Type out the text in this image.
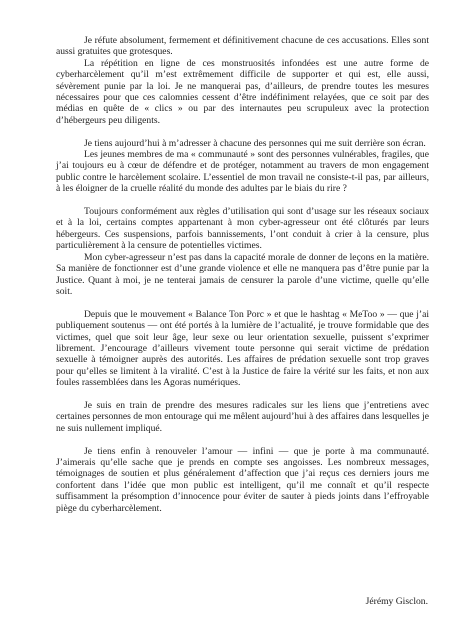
Je réfute absolument, fermement et définitivement chacune de ces accusations. Elles sont aussi gratuites que grotesques.

La répétition en ligne de ces monstruosités infondées est une autre forme de cyberharcèlement qu’il m’est extrêmement difficile de supporter et qui est, elle aussi, sévèrement punie par la loi. Je ne manquerai pas, d’ailleurs, de prendre toutes les mesures nécessaires pour que ces calomnies cessent d’être indéfiniment relayées, que ce soit par des médias en quête de « clics » ou par des internautes peu scrupuleux avec la protection d’hébergeurs peu diligents.

Je tiens aujourd’hui à m’adresser à chacune des personnes qui me suit derrière son écran.

Les jeunes membres de ma « communauté » sont des personnes vulnérables, fragiles, que j’ai toujours eu à cœur de défendre et de protéger, notamment au travers de mon engagement public contre le harcèlement scolaire. L’essentiel de mon travail ne consiste-t-il pas, par ailleurs, à les éloigner de la cruelle réalité du monde des adultes par le biais du rire ?

Toujours conformément aux règles d’utilisation qui sont d’usage sur les réseaux sociaux et à la loi, certains comptes appartenant à mon cyber-agresseur ont été clôturés par leurs hébergeurs. Ces suspensions, parfois bannissements, l’ont conduit à crier à la censure, plus particulièrement à la censure de potentielles victimes.

Mon cyber-agresseur n’est pas dans la capacité morale de donner de leçons en la matière. Sa manière de fonctionner est d’une grande violence et elle ne manquera pas d’être punie par la Justice. Quant à moi, je ne tenterai jamais de censurer la parole d’une victime, quelle qu’elle soit.

Depuis que le mouvement « Balance Ton Porc » et que le hashtag « MeToo » — que j’ai publiquement soutenus — ont été portés à la lumière de l’actualité, je trouve formidable que des victimes, quel que soit leur âge, leur sexe ou leur orientation sexuelle, puissent s’exprimer librement. J’encourage d’ailleurs vivement toute personne qui serait victime de prédation sexuelle à témoigner auprès des autorités. Les affaires de prédation sexuelle sont trop graves pour qu’elles se limitent à la viralité. C’est à la Justice de faire la vérité sur les faits, et non aux foules rassemblées dans les Agoras numériques.

Je suis en train de prendre des mesures radicales sur les liens que j’entretiens avec certaines personnes de mon entourage qui me mêlent aujourd’hui à des affaires dans lesquelles je ne suis nullement impliqué.

Je tiens enfin à renouveler l’amour — infini — que je porte à ma communauté. J’aimerais qu’elle sache que je prends en compte ses angoisses. Les nombreux messages, témoignages de soutien et plus généralement d’affection que j’ai reçus ces derniers jours me confortent dans l’idée que mon public est intelligent, qu’il me connaît et qu’il respecte suffisamment la présomption d’innocence pour éviter de sauter à pieds joints dans l’effroyable piège du cyberharcèlement.

Jérémy Gisclon.
